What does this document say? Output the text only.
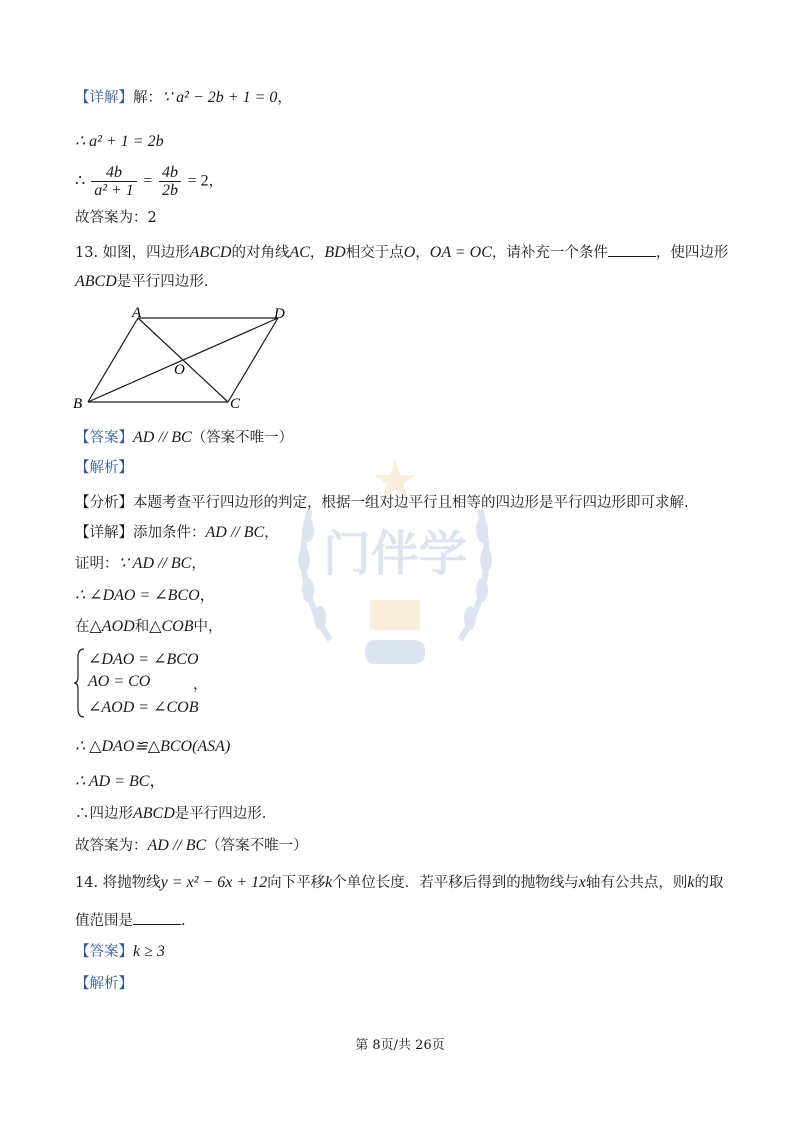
门伴学
【详解】解：∵ a² − 2b + 1 = 0，
∴ a² + 1 = 2b
∴ $\frac{4b}{\text{a² + 1}} = \frac{4b}{2b} = 2$，
故答案为：2
13. 如图，四边形ABCD的对角线AC，BD相交于点O，OA = OC，请补充一个条件	，使四边形
ABCD是平行四边形.
A	D
B	C
O
【答案】AD // BC（答案不唯一）
【解析】
【分析】本题考查平行四边形的判定，根据一组对边平行且相等的四边形是平行四边形即可求解.
【详解】添加条件：AD // BC，
证明：∵ AD // BC，
∴ ∠DAO = ∠BCO，
在△AOD和△COB中，
∠DAO = ∠BCO
AO = CO
∠AOD = ∠COB
，
∴ △DAO≌△BCO(ASA)
∴ AD = BC，
∴四边形ABCD是平行四边形.
故答案为：AD // BC（答案不唯一）
14. 将抛物线y = x² − 6x + 12向下平移k个单位长度．若平移后得到的抛物线与x轴有公共点，则k的取
值范围是	.
【答案】k ≥ 3
【解析】
第 8页/共 26页
